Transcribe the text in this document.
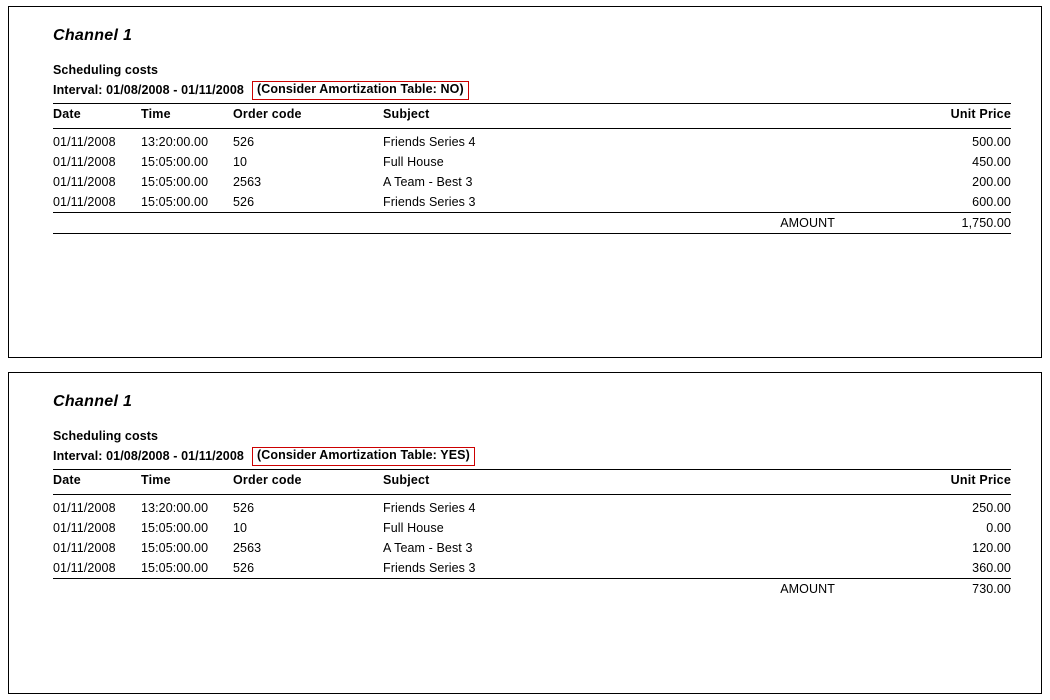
Channel 1
Scheduling costs
Interval: 01/08/2008 - 01/11/2008	(Consider Amortization Table: NO)
Date	Time	Order code	Subject	Unit Price
01/11/2008	13:20:00.00	526	Friends Series 4	500.00
01/11/2008	15:05:00.00	10	Full House	450.00
01/11/2008	15:05:00.00	2563	A Team - Best 3	200.00
01/11/2008	15:05:00.00	526	Friends Series 3	600.00
AMOUNT				1,750.00
Channel 1
Scheduling costs
Interval: 01/08/2008 - 01/11/2008	(Consider Amortization Table: YES)
Date	Time	Order code	Subject	Unit Price
01/11/2008	13:20:00.00	526	Friends Series 4	250.00
01/11/2008	15:05:00.00	10	Full House	0.00
01/11/2008	15:05:00.00	2563	A Team - Best 3	120.00
01/11/2008	15:05:00.00	526	Friends Series 3	360.00
AMOUNT				730.00
